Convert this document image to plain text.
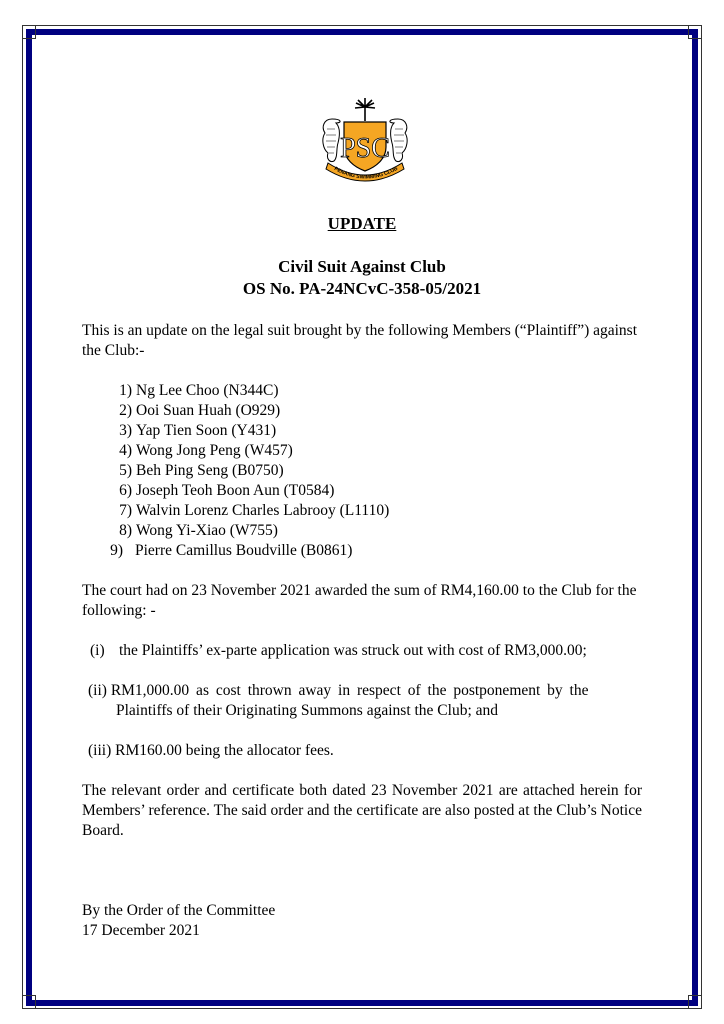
PSC
PENANG SWIMMING CLUB
UPDATE
Civil Suit Against Club
OS No. PA-24NCvC-358-05/2021
This is an update on the legal suit brought by the following Members (“Plaintiff”) against the Club:-
1) Ng Lee Choo (N344C)
2) Ooi Suan Huah (O929)
3) Yap Tien Soon (Y431)
4) Wong Jong Peng (W457)
5) Beh Ping Seng (B0750)
6) Joseph Teoh Boon Aun (T0584)
7) Walvin Lorenz Charles Labrooy (L1110)
8) Wong Yi-Xiao (W755)
9) Pierre Camillus Boudville (B0861)
The court had on 23 November 2021 awarded the sum of RM4,160.00 to the Club for the following: -
(i) the Plaintiffs’ ex-parte application was struck out with cost of RM3,000.00;
(ii) RM1,000.00 as cost thrown away in respect of the postponement by the
Plaintiffs of their Originating Summons against the Club; and
(iii) RM160.00 being the allocator fees.
The relevant order and certificate both dated 23 November 2021 are attached herein for Members’ reference. The said order and the certificate are also posted at the Club’s Notice Board.
By the Order of the Committee
17 December 2021
